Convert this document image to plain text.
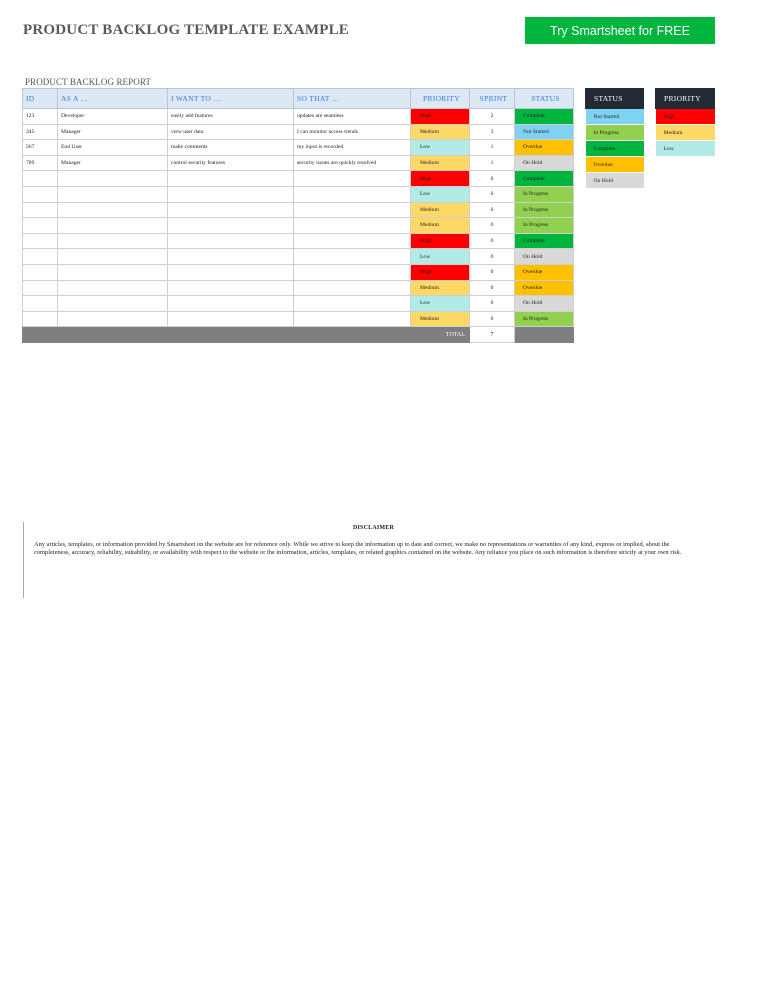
PRODUCT BACKLOG TEMPLATE EXAMPLE	Try Smartsheet for FREE
PRODUCT BACKLOG REPORT
ID	AS A …	I WANT TO …	SO THAT …	PRIORITY	SPRINT	STATUS
123	Developer	easily add features	updates are seamless	High	2	Complete
345	Manager	view user data	I can monitor access trends	Medium	3	Not Started
567	End User	make comments	my input is recorded	Low	1	Overdue
789	Manager	control security features	security issues are quickly resolved	Medium	1	On Hold
				High	0	Complete
				Low	0	In Progress
				Medium	0	In Progress
				Medium	0	In Progress
				High	0	Complete
				Low	0	On Hold
				High	0	Overdue
				Medium	0	Overdue
				Low	0	On Hold
				Medium	0	In Progress
TOTAL					7	
STATUS
Not Started
In Progress
Complete
Overdue
On Hold
PRIORITY
High
Medium
Low
DISCLAIMER
Any articles, templates, or information provided by Smartsheet on the website are for reference only. While we strive to keep the information up to date and correct, we make no representations or warranties of any kind, express or implied, about the completeness, accuracy, reliability, suitability, or availability with respect to the website or the information, articles, templates, or related graphics contained on the website. Any reliance you place on such information is therefore strictly at your own risk.
